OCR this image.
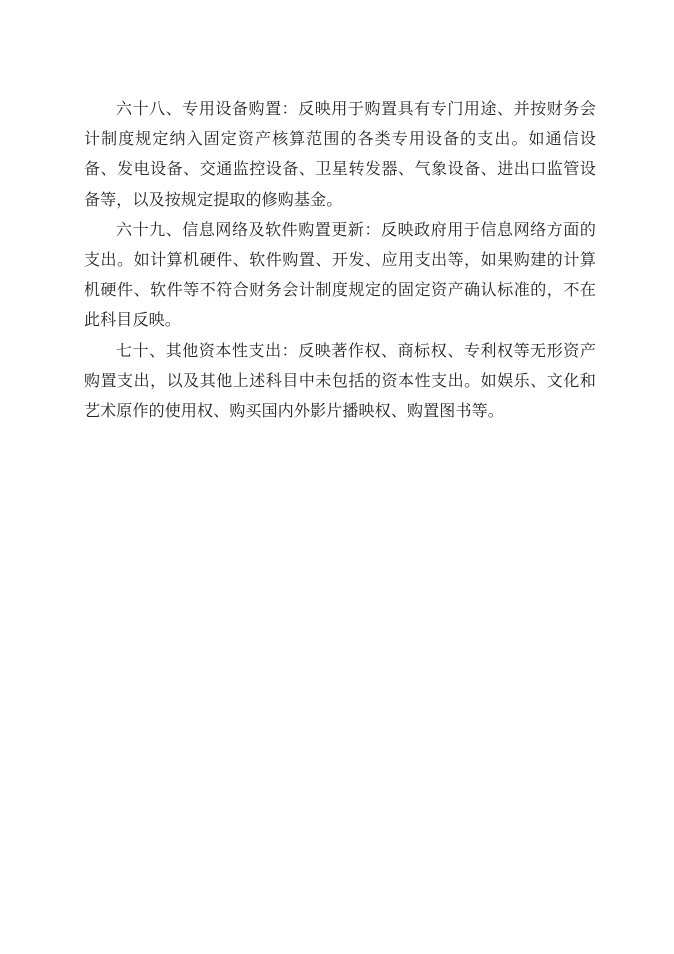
六十八、专用设备购置：反映用于购置具有专门用途、并按财务会计制度规定纳入固定资产核算范围的各类专用设备的支出。如通信设备、发电设备、交通监控设备、卫星转发器、气象设备、进出口监管设备等，以及按规定提取的修购基金。

六十九、信息网络及软件购置更新：反映政府用于信息网络方面的支出。如计算机硬件、软件购置、开发、应用支出等，如果购建的计算机硬件、软件等不符合财务会计制度规定的固定资产确认标准的，不在此科目反映。

七十、其他资本性支出：反映著作权、商标权、专利权等无形资产购置支出，以及其他上述科目中未包括的资本性支出。如娱乐、文化和艺术原作的使用权、购买国内外影片播映权、购置图书等。
